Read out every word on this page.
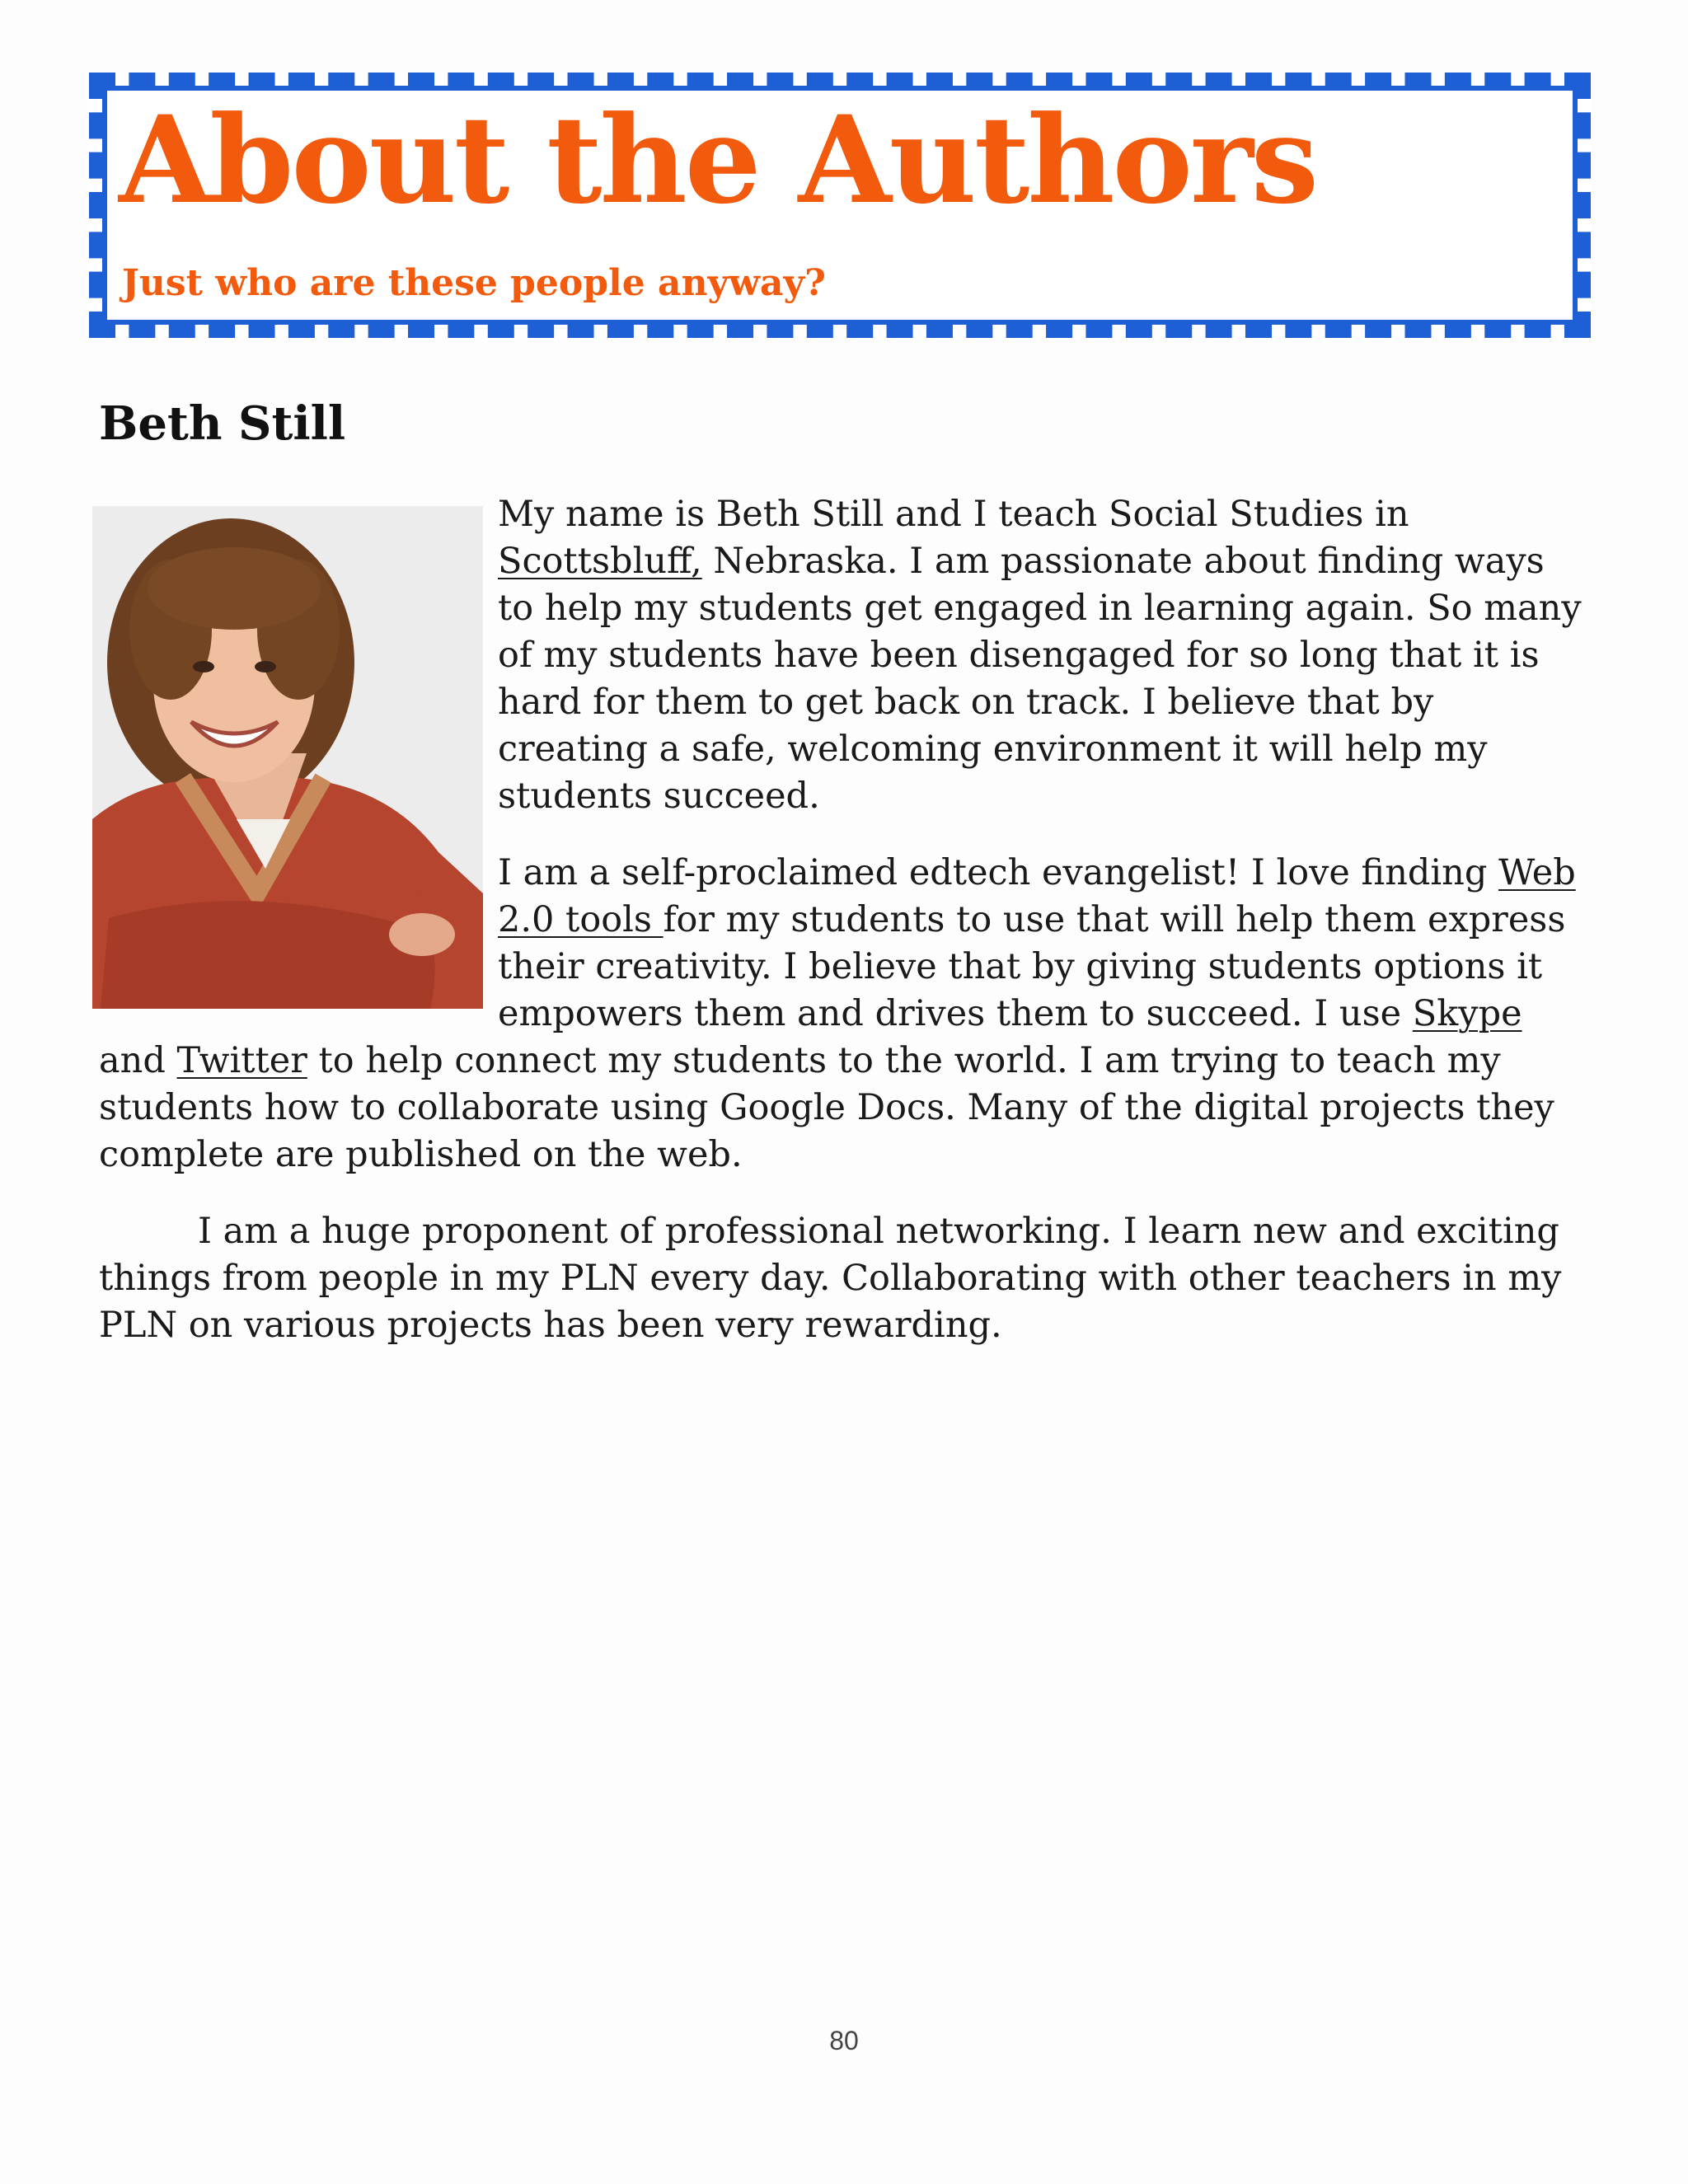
About the Authors
Just who are these people anyway?
Beth Still

My name is Beth Still and I teach Social Studies in Scottsbluff, Nebraska. I am passionate about finding ways to help my students get engaged in learning again. So many of my students have been disengaged for so long that it is hard for them to get back on track. I believe that by creating a safe, welcoming environment it will help my students succeed.

I am a self-proclaimed edtech evangelist! I love finding Web 2.0 tools for my students to use that will help them express their creativity. I believe that by giving students options it empowers them and drives them to succeed. I use Skype and Twitter to help connect my students to the world. I am trying to teach my students how to collaborate using Google Docs. Many of the digital projects they complete are published on the web.

I am a huge proponent of professional networking. I learn new and exciting things from people in my PLN every day. Collaborating with other teachers in my PLN on various projects has been very rewarding.

80
